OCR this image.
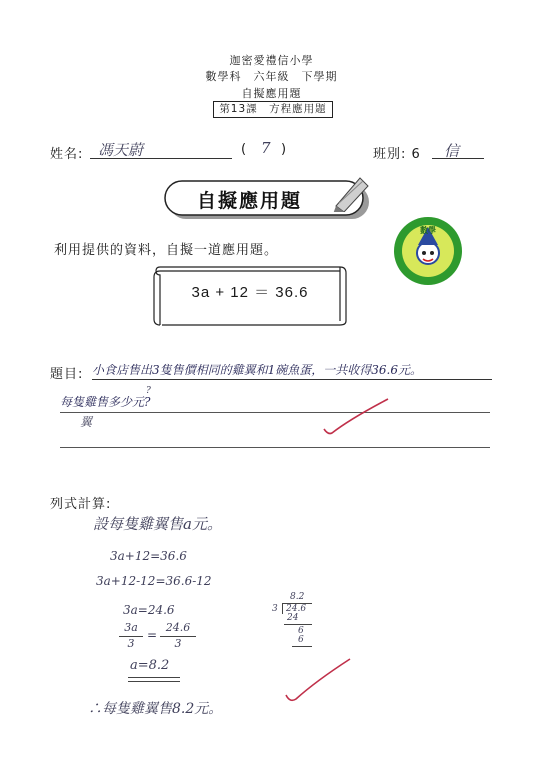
迦密愛禮信小學
數學科　六年級　下學期
自擬應用題
第13課　方程應用題
姓名: 馮天蔚	( 7 )	班別: 6 信
自擬應用題
數學
利用提供的資料，自擬一道應用題。
3a + 12 ＝ 36.6
題目: 小食店售出3隻售價相同的雞翼和1碗魚蛋，一共收得36.6元。
每隻雞售多少元?
?
翼
列式計算:
設每隻雞翼售a元。
3a+12=36.6
3a+12-12=36.6-12
3a=24.6
3a
3
=
24.6
3
a=8.2
∴每隻雞翼售8.2元。
8.2
3 24.6
24
6
6
